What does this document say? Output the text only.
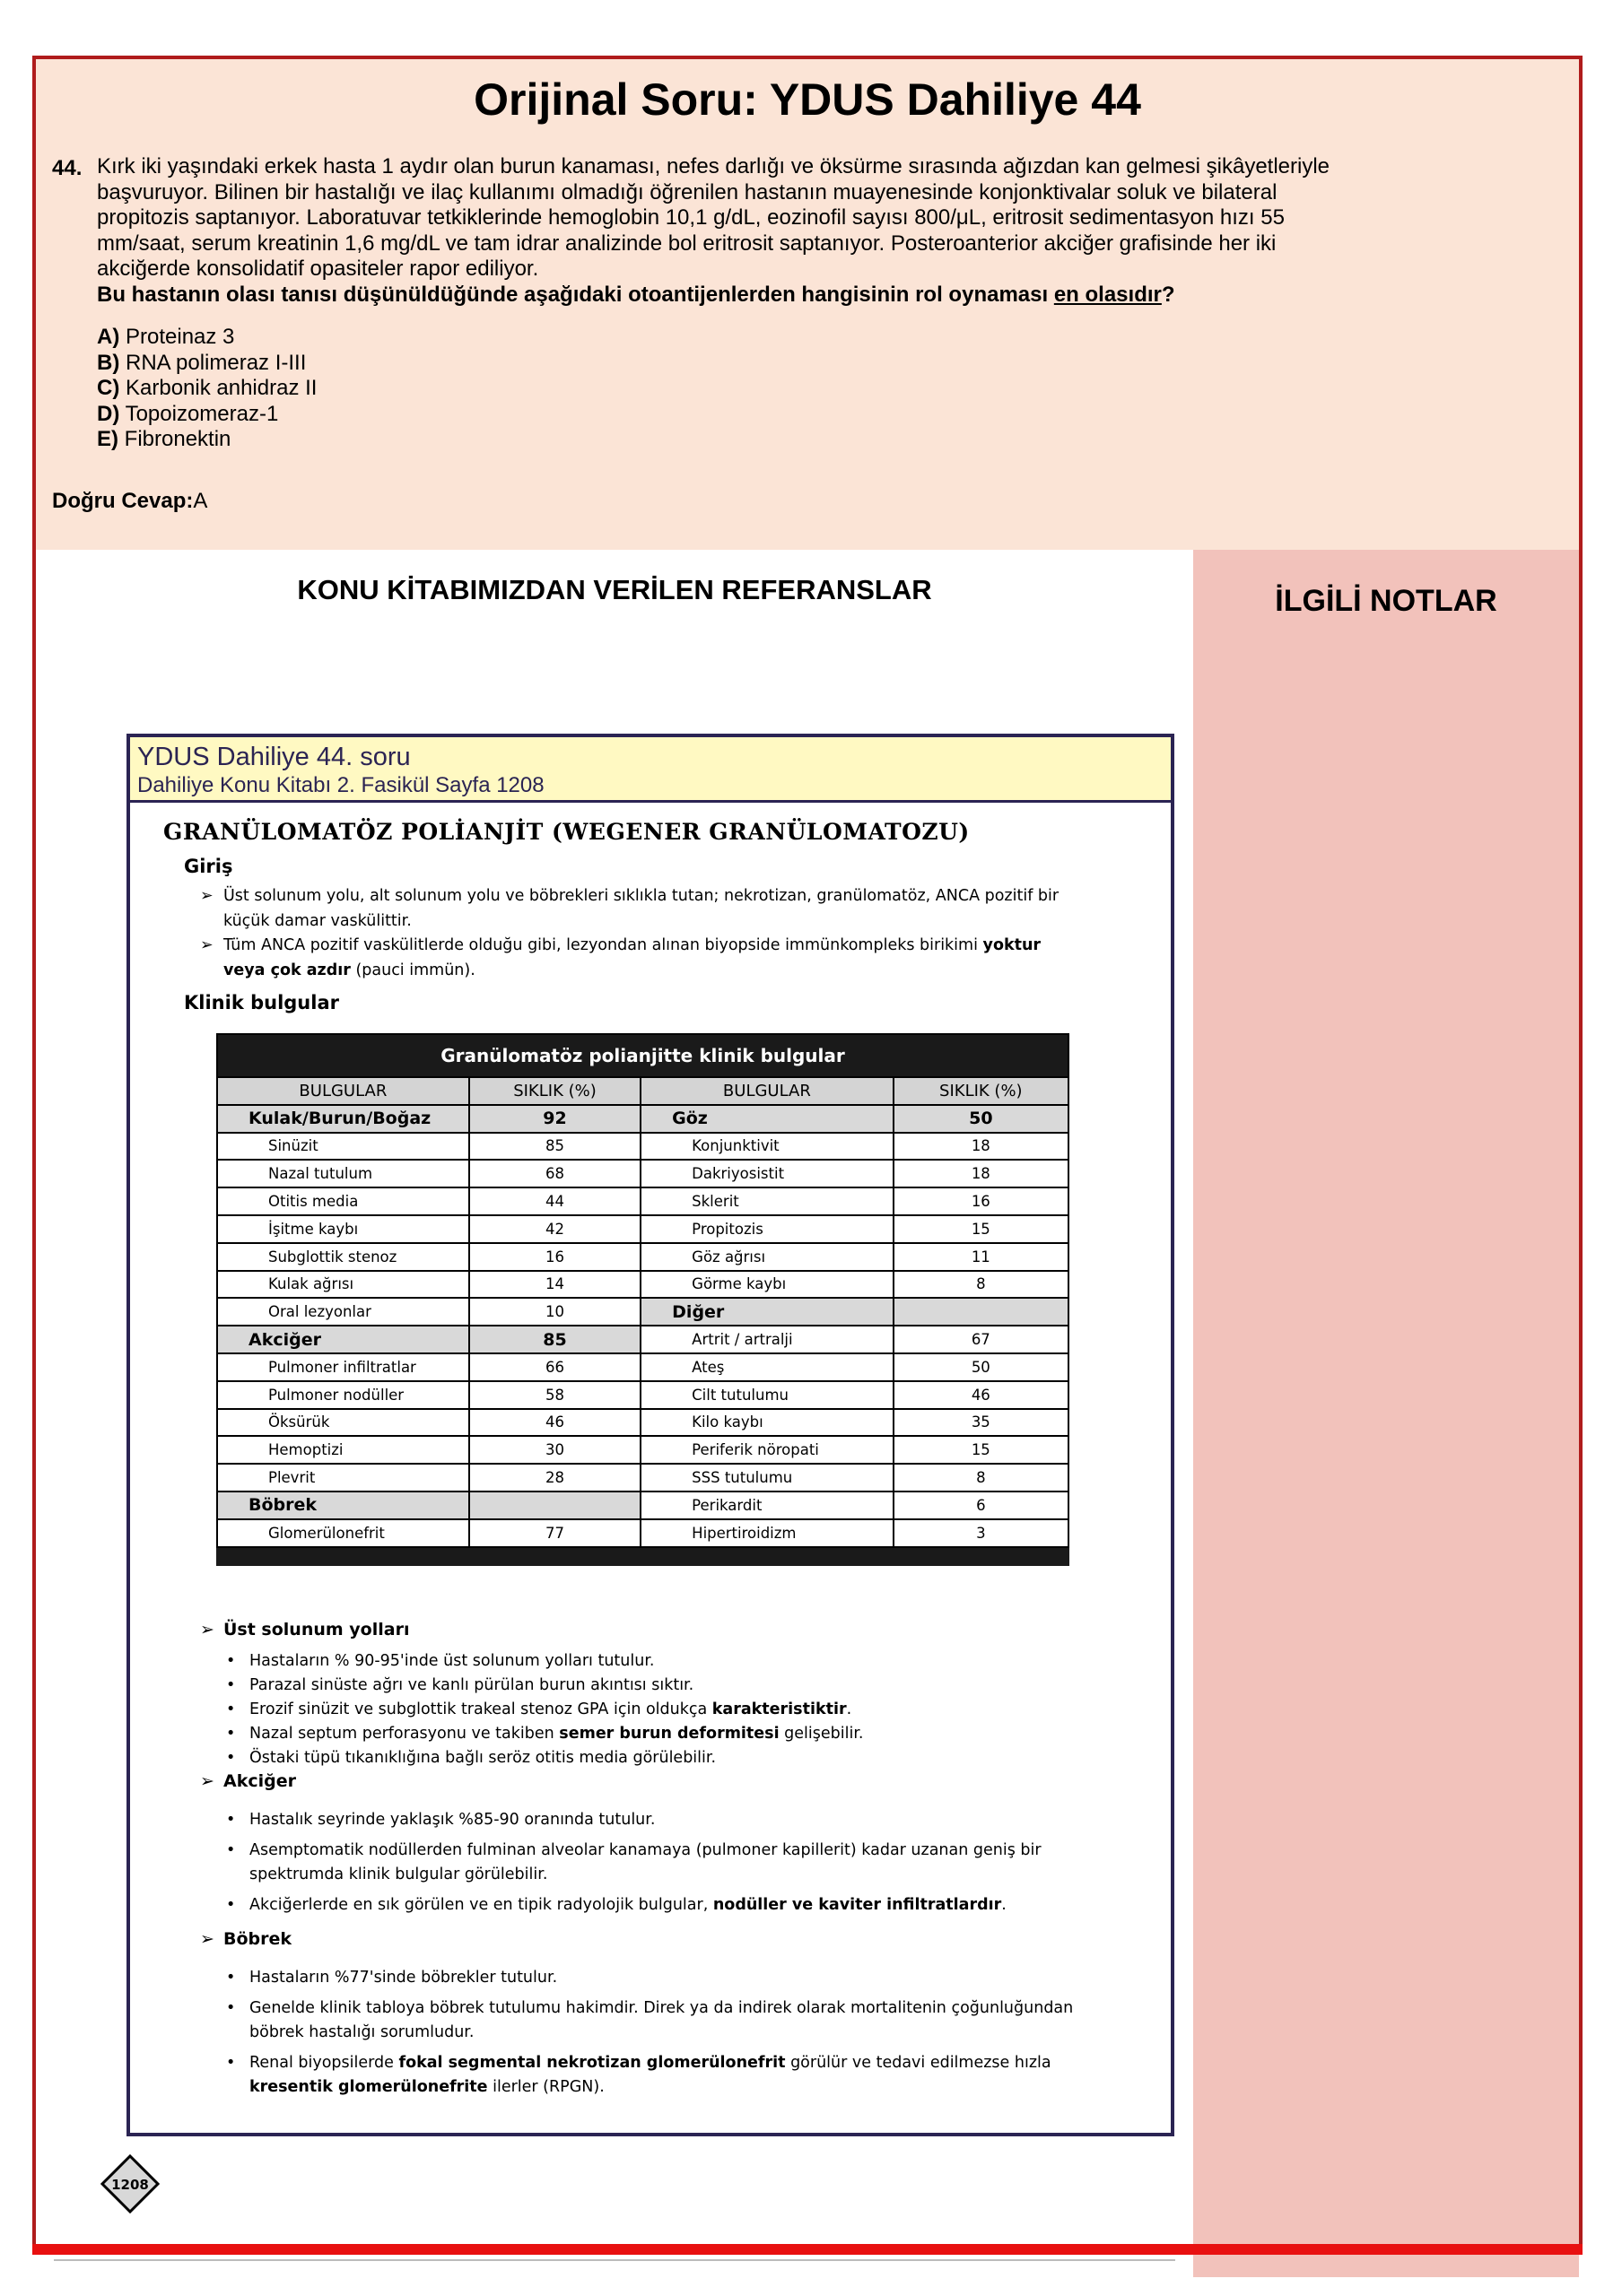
Orijinal Soru: YDUS Dahiliye 44
44. Kırk iki yaşındaki erkek hasta 1 aydır olan burun kanaması, nefes darlığı ve öksürme sırasında ağızdan kan gelmesi şikâyetleriyle
başvuruyor. Bilinen bir hastalığı ve ilaç kullanımı olmadığı öğrenilen hastanın muayenesinde konjonktivalar soluk ve bilateral
propitozis saptanıyor. Laboratuvar tetkiklerinde hemoglobin 10,1 g/dL, eozinofil sayısı 800/μL, eritrosit sedimentasyon hızı 55
mm/saat, serum kreatinin 1,6 mg/dL ve tam idrar analizinde bol eritrosit saptanıyor. Posteroanterior akciğer grafisinde her iki
akciğerde konsolidatif opasiteler rapor ediliyor.
Bu hastanın olası tanısı düşünüldüğünde aşağıdaki otoantijenlerden hangisinin rol oynaması en olasıdır?
A) Proteinaz 3
B) RNA polimeraz I-III
C) Karbonik anhidraz II
D) Topoizomeraz-1
E) Fibronektin
Doğru Cevap:A
KONU KİTABIMIZDAN VERİLEN REFERANSLAR	İLGİLİ NOTLAR
YDUS Dahiliye 44. soru
Dahiliye Konu Kitabı 2. Fasikül Sayfa 1208
GRANÜLOMATÖZ POLİANJİT (WEGENER GRANÜLOMATOZU)
Giriş
➢ Üst solunum yolu, alt solunum yolu ve böbrekleri sıklıkla tutan; nekrotizan, granülomatöz, ANCA pozitif bir
küçük damar vaskülittir.
➢ Tüm ANCA pozitif vaskülitlerde olduğu gibi, lezyondan alınan biyopside immünkompleks birikimi yoktur
veya çok azdır (pauci immün).
Klinik bulgular
Granülomatöz polianjitte klinik bulgular			
BULGULAR	SIKLIK (%)	BULGULAR	SIKLIK (%)
Kulak/Burun/Boğaz	92	Göz	50
Sinüzit	85	Konjunktivit	18
Nazal tutulum	68	Dakriyosistit	18
Otitis media	44	Sklerit	16
İşitme kaybı	42	Propitozis	15
Subglottik stenoz	16	Göz ağrısı	11
Kulak ağrısı	14	Görme kaybı	8
Oral lezyonlar	10	Diğer	
Akciğer	85	Artrit / artralji	67
Pulmoner infiltratlar	66	Ateş	50
Pulmoner nodüller	58	Cilt tutulumu	46
Öksürük	46	Kilo kaybı	35
Hemoptizi	30	Periferik nöropati	15
Plevrit	28	SSS tutulumu	8
Böbrek		Perikardit	6
Glomerülonefrit	77	Hipertiroidizm	3

➢ Üst solunum yolları
➢ Akciğer
➢ Böbrek
• Hastaların % 90-95'inde üst solunum yolları tutulur.
• Parazal sinüste ağrı ve kanlı pürülan burun akıntısı sıktır.
• Erozif sinüzit ve subglottik trakeal stenoz GPA için oldukça karakteristiktir.
• Nazal septum perforasyonu ve takiben semer burun deformitesi gelişebilir.
• Östaki tüpü tıkanıklığına bağlı seröz otitis media görülebilir.
• Hastalık seyrinde yaklaşık %85-90 oranında tutulur.
• Asemptomatik nodüllerden fulminan alveolar kanamaya (pulmoner kapillerit) kadar uzanan geniş bir
spektrumda klinik bulgular görülebilir.
• Akciğerlerde en sık görülen ve en tipik radyolojik bulgular, nodüller ve kaviter infiltratlardır.
• Hastaların %77'sinde böbrekler tutulur.
• Genelde klinik tabloya böbrek tutulumu hakimdir. Direk ya da indirek olarak mortalitenin çoğunluğundan
böbrek hastalığı sorumludur.
• Renal biyopsilerde fokal segmental nekrotizan glomerülonefrit görülür ve tedavi edilmezse hızla
kresentik glomerülonefrite ilerler (RPGN).
1208
